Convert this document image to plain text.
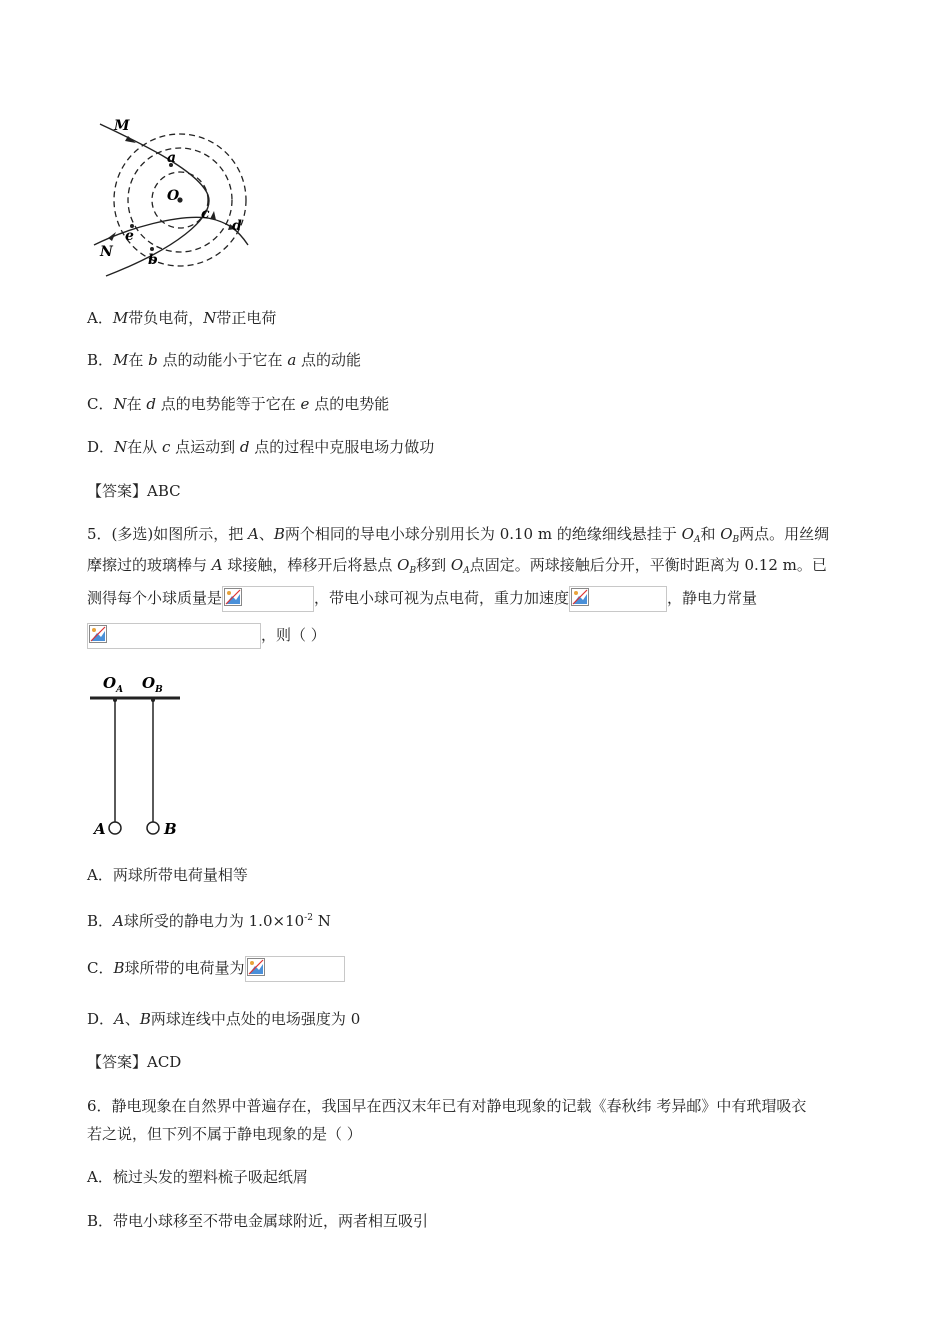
M
a
O
c
d
e
N	b
A．M带负电荷，N带正电荷
B．M在 b 点的动能小于它在 a 点的动能
C．N在 d 点的电势能等于它在 e 点的电势能
D．N在从 c 点运动到 d 点的过程中克服电场力做功
【答案】ABC
5．(多选)如图所示，把 A、B两个相同的导电小球分别用长为 0.10 m 的绝缘细线悬挂于 $O_A$和 $O_B$两点。用丝绸
摩擦过的玻璃棒与 A 球接触，棒移开后将悬点 $O_B$移到 $O_A$点固定。两球接触后分开，平衡时距离为 0.12 m。已
测得每个小球质量是	，带电小球可视为点电荷，重力加速度	，静电力常量
，则（ ）
$O_A$ $O_B$
A	B
A．两球所带电荷量相等
B．A球所受的静电力为 $1.0\times 10^{-2}$ N
C．B球所带的电荷量为
D．A、B两球连线中点处的电场强度为 0
【答案】ACD
6．静电现象在自然界中普遍存在，我国早在西汉末年已有对静电现象的记载《春秋纬 考异邮》中有玳瑁吸衣
若之说，但下列不属于静电现象的是（ ）
A．梳过头发的塑料梳子吸起纸屑
B．带电小球移至不带电金属球附近，两者相互吸引
